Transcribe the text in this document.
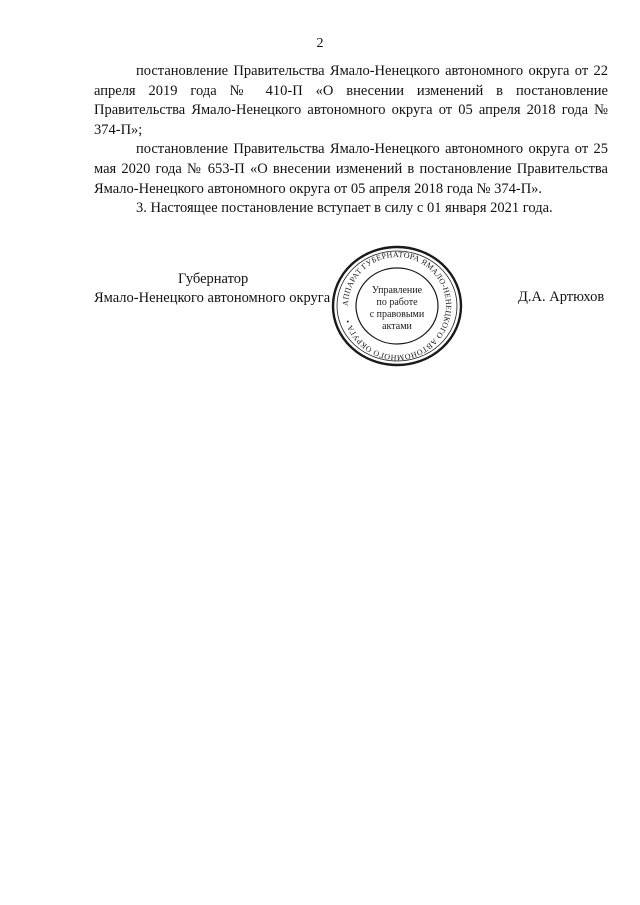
2

постановление Правительства Ямало-Ненецкого автономного округа от 22 апреля 2019 года № 410-П «О внесении изменений в постановление Правительства Ямало-Ненецкого автономного округа от 05 апреля 2018 года № 374-П»;

постановление Правительства Ямало-Ненецкого автономного округа от 25 мая 2020 года № 653-П «О внесении изменений в постановление Правительства Ямало-Ненецкого автономного округа от 05 апреля 2018 года № 374-П».

3. Настоящее постановление вступает в силу с 01 января 2021 года.

Губернатор
Ямало-Ненецкого автономного округа	Д.А. Артюхов
АППАРАТ ГУБЕРНАТОРА ЯМАЛО-НЕНЕЦКОГО АВТОНОМНОГО ОКРУГА •
Управление
по работе
с правовыми
актами
